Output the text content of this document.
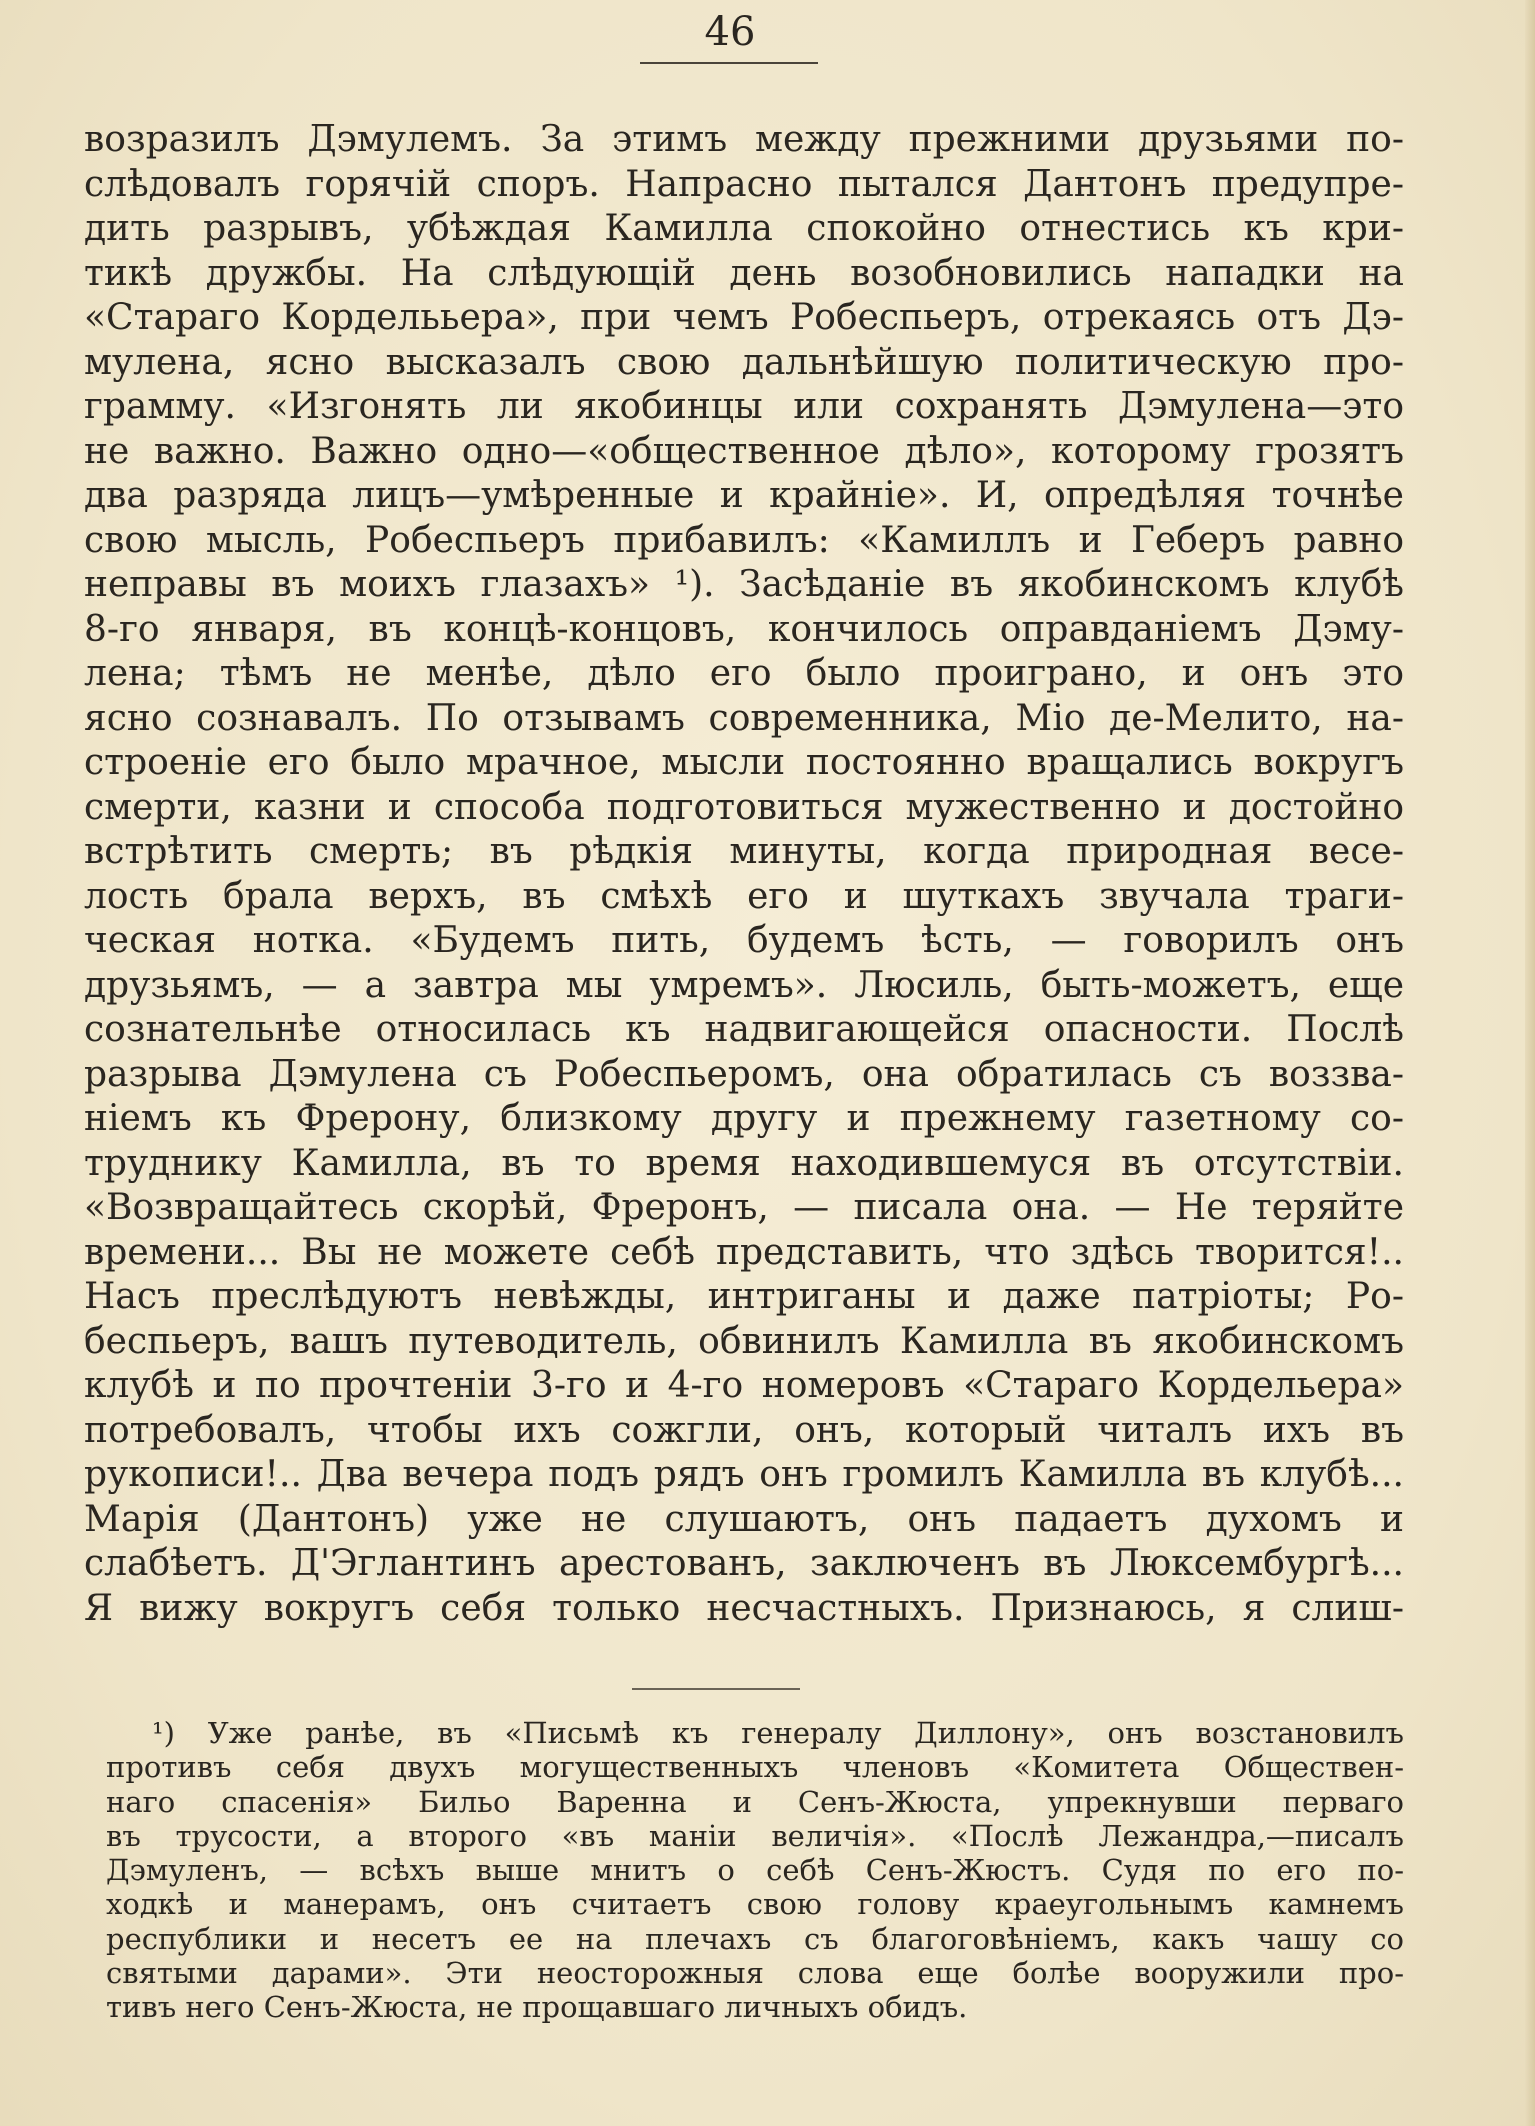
46
возразилъ Дэмулемъ. За этимъ между прежними друзьями по-
слѣдовалъ горячій споръ. Напрасно пытался Дантонъ предупре-
дить разрывъ, убѣждая Камилла спокойно отнестись къ кри-
тикѣ дружбы. На слѣдующій день возобновились нападки на
«Стараго Корделььера», при чемъ Робеспьеръ, отрекаясь отъ Дэ-
мулена, ясно высказалъ свою дальнѣйшую политическую про-
грамму. «Изгонять ли якобинцы или сохранять Дэмулена—это
не важно. Важно одно—«общественное дѣло», которому грозятъ
два разряда лицъ—умѣренные и крайніе». И, опредѣляя точнѣе
свою мысль, Робеспьеръ прибавилъ: «Камиллъ и Геберъ равно
неправы въ моихъ глазахъ» ¹). Засѣданіе въ якобинскомъ клубѣ
8-го января, въ концѣ-концовъ, кончилось оправданіемъ Дэму-
лена; тѣмъ не менѣе, дѣло его было проиграно, и онъ это
ясно сознавалъ. По отзывамъ современника, Міо де-Мелито, на-
строеніе его было мрачное, мысли постоянно вращались вокругъ
смерти, казни и способа подготовиться мужественно и достойно
встрѣтить смерть; въ рѣдкія минуты, когда природная весе-
лость брала верхъ, въ смѣхѣ его и шуткахъ звучала траги-
ческая нотка. «Будемъ пить, будемъ ѣсть, — говорилъ онъ
друзьямъ, — а завтра мы умремъ». Люсиль, быть-можетъ, еще
сознательнѣе относилась къ надвигающейся опасности. Послѣ
разрыва Дэмулена съ Робеспьеромъ, она обратилась съ воззва-
ніемъ къ Фрерону, близкому другу и прежнему газетному со-
труднику Камилла, въ то время находившемуся въ отсутствіи.
«Возвращайтесь скорѣй, Фреронъ, — писала она. — Не теряйте
времени... Вы не можете себѣ представить, что здѣсь творится!..
Насъ преслѣдуютъ невѣжды, интриганы и даже патріоты; Ро-
беспьеръ, вашъ путеводитель, обвинилъ Камилла въ якобинскомъ
клубѣ и по прочтеніи 3-го и 4-го номеровъ «Стараго Кордельера»
потребовалъ, чтобы ихъ сожгли, онъ, который читалъ ихъ въ
рукописи!.. Два вечера подъ рядъ онъ громилъ Камилла въ клубѣ...
Марія (Дантонъ) уже не слушаютъ, онъ падаетъ духомъ и
слабѣетъ. Д'Эглантинъ арестованъ, заключенъ въ Люксембургѣ...
Я вижу вокругъ себя только несчастныхъ. Признаюсь, я слиш-
¹) Уже ранѣе, въ «Письмѣ къ генералу Диллону», онъ возстановилъ
противъ себя двухъ могущественныхъ членовъ «Комитета Обществен-
наго спасенія» Бильо Вареннa и Сенъ-Жюста, упрекнувши перваго
въ трусости, а второго «въ маніи величія». «Послѣ Лежандра,—писалъ
Дэмуленъ, — всѣхъ выше мнитъ о себѣ Сенъ-Жюстъ. Судя по его по-
ходкѣ и манерамъ, онъ считаетъ свою голову краеугольнымъ камнемъ
республики и несетъ ее на плечахъ съ благоговѣніемъ, какъ чашу со
святыми дарами». Эти неосторожныя слова еще болѣе вооружили про-
тивъ него Сенъ-Жюста, не прощавшаго личныхъ обидъ.
